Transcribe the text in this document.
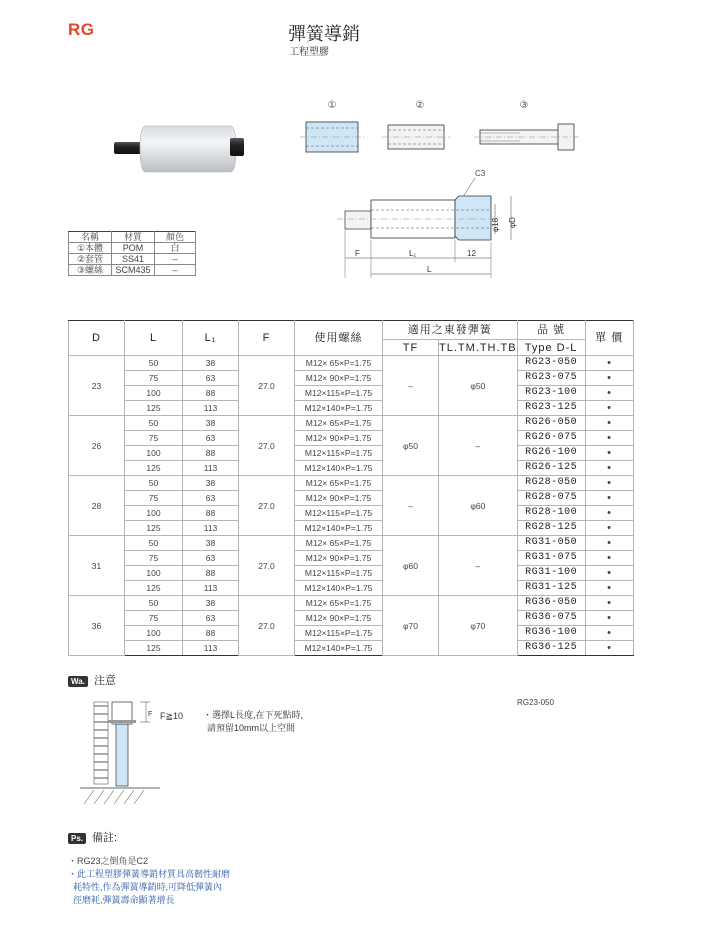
RG	彈簧導銷
工程塑膠
①	②	③
C3
φ18 φD
F	L₁	12
L
名稱	材質	顏色
①本體	POM	白
②套管	SS41	–
③螺絲	SCM435	–
D	L	L₁	F	使用螺絲	適用之東發彈簧		品 號	單 價
					TF	TL.TM.TH.TB	Type D-L	
23	50	38	27.0	M12× 65×P=1.75	–	φ50	RG23-050	•
	75	63		M12× 90×P=1.75			RG23-075	•
	100	88		M12×115×P=1.75			RG23-100	•
	125	113		M12×140×P=1.75			RG23-125	•
26	50	38	27.0	M12× 65×P=1.75	φ50	–	RG26-050	•
	75	63		M12× 90×P=1.75			RG26-075	•
	100	88		M12×115×P=1.75			RG26-100	•
	125	113		M12×140×P=1.75			RG26-125	•
28	50	38	27.0	M12× 65×P=1.75	–	φ60	RG28-050	•
	75	63		M12× 90×P=1.75			RG28-075	•
	100	88		M12×115×P=1.75			RG28-100	•
	125	113		M12×140×P=1.75			RG28-125	•
31	50	38	27.0	M12× 65×P=1.75	φ60	–	RG31-050	•
	75	63		M12× 90×P=1.75			RG31-075	•
	100	88		M12×115×P=1.75			RG31-100	•
	125	113		M12×140×P=1.75			RG31-125	•
36	50	38	27.0	M12× 65×P=1.75	φ70	φ70	RG36-050	•
	75	63		M12× 90×P=1.75			RG36-075	•
	100	88		M12×115×P=1.75			RG36-100	•
	125	113		M12×140×P=1.75			RG36-125	•
Wa. 注意
F F≧10 ・選擇L長度,在下死點時,
請預留10mm以上空間
RG23-050
Ps. 備註:
・RG23之倒角是C2
・此工程塑膠彈簧導銷材質具高韌性耐磨
耗特性,作為彈簧導銷時,可降低彈簧內
徑磨耗,彈簧壽命顯著增長
